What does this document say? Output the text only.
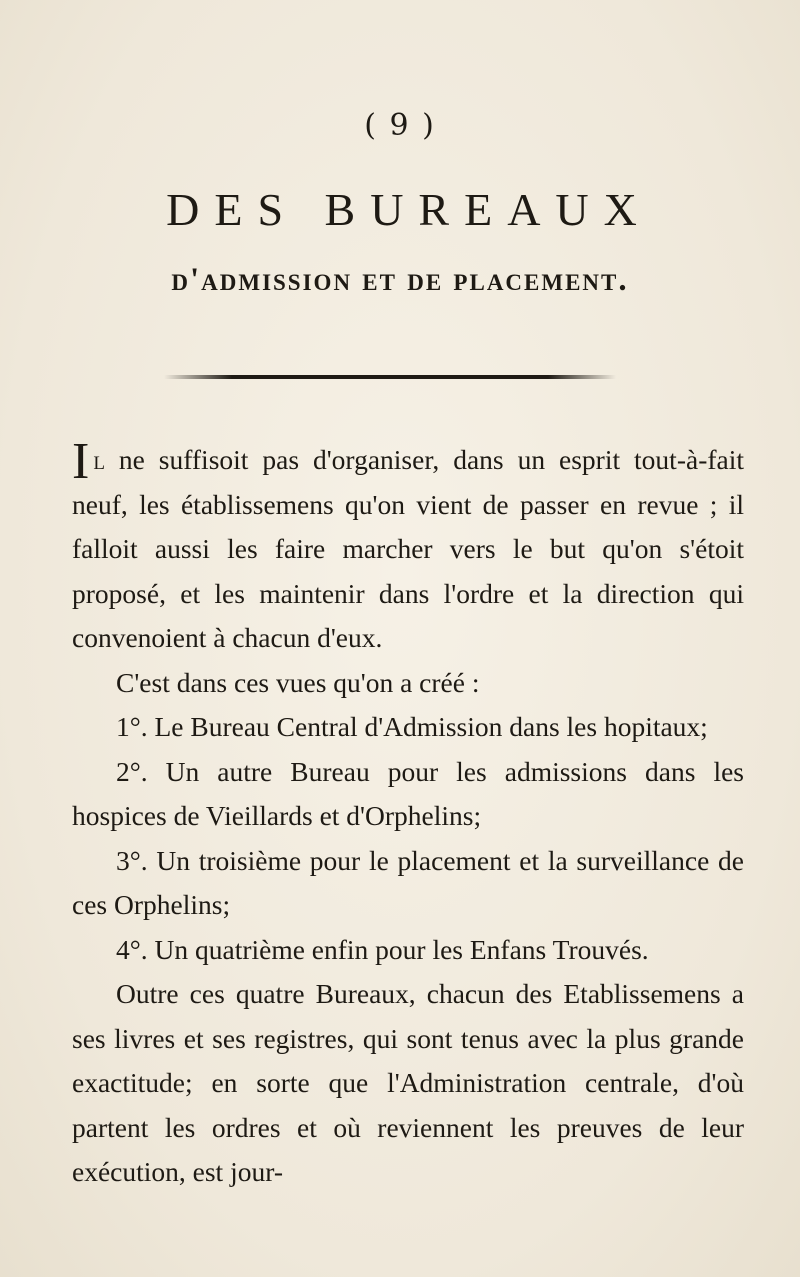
( 9 )
DES BUREAUX
d'admission et de placement.

Il ne suffisoit pas d'organiser, dans un esprit tout-à-fait neuf, les établissemens qu'on vient de passer en revue ; il falloit aussi les faire marcher vers le but qu'on s'étoit proposé, et les maintenir dans l'ordre et la direction qui convenoient à chacun d'eux.

C'est dans ces vues qu'on a créé :

1°. Le Bureau Central d'Admission dans les hopitaux;

2°. Un autre Bureau pour les admissions dans les hospices de Vieillards et d'Orphelins;

3°. Un troisième pour le placement et la surveillance de ces Orphelins;

4°. Un quatrième enfin pour les Enfans Trouvés.

Outre ces quatre Bureaux, chacun des Etablissemens a ses livres et ses registres, qui sont tenus avec la plus grande exactitude; en sorte que l'Administration centrale, d'où partent les ordres et où reviennent les preuves de leur exécution, est jour-
